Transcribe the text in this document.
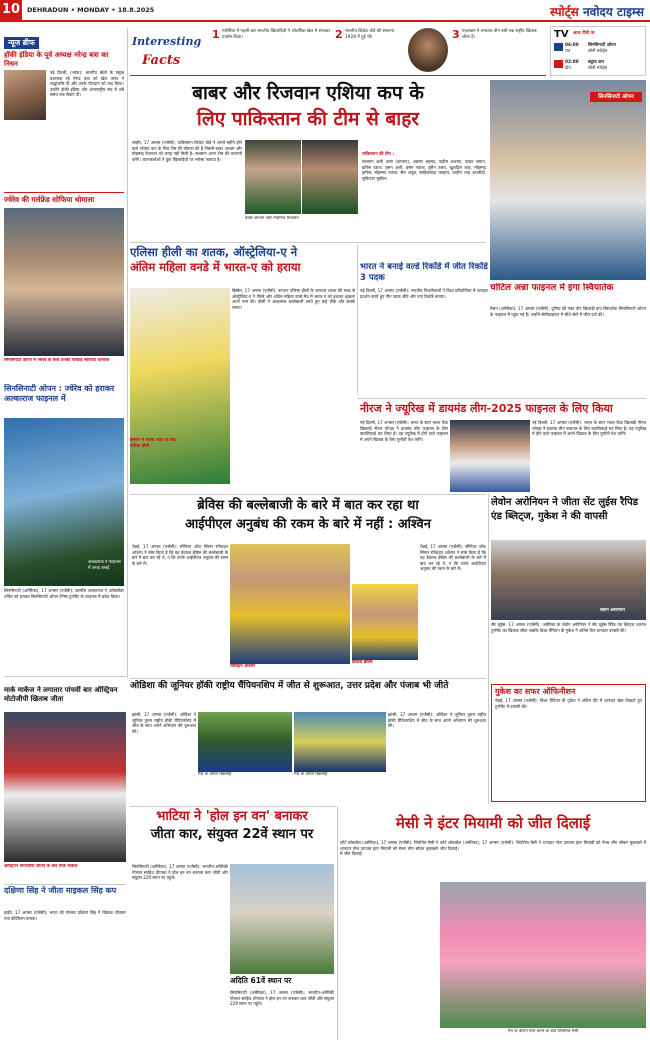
10	DEHRADUN • MONDAY • 18.8.2025	स्पोर्ट्स नवोदय टाइम्स
न्यूज ब्रीफ
हॉकी इंडिया के पूर्व अध्यक्ष नरेन्द्र बत्रा का निधन
नई दिल्ली, (भाषा): भारतीय खेलों के प्रमुख प्रशासक रहे नरेन्द्र बत्रा को खेल जगत ने श्रद्धांजलि दी और उनके योगदान को याद किया। उन्होंने हॉकी इंडिया और अंतरराष्ट्रीय संघ में लंबे समय तक सेवाएं दीं।
ज्वेरेव की गर्लफ्रेंड सोफिया थोमाला
सिनसिनाटी ओपन में ज्वेरेव के साथ उनकी गर्लफ्रेंड सोफिया थोमाला
सिनसिनाटी ओपन : ज्वेरेव को हराकर अल्काराज फाइनल में
अल्काराज ने फाइनल में जगह बनाई
सिनसिनाटी (अमेरिका), 17 अगस्त (एजेंसी): कार्लोस अल्काराज ने अलेक्जेंडर ज्वेरेव को हराकर सिनसिनाटी ओपन टेनिस टूर्नामेंट के फाइनल में प्रवेश किया।
Interesting
Facts
1 मलेशिया में पहली बार भारतीय खिलाड़ियों ने ओलंपिक खेल में शानदार प्रदर्शन किया।	2 भारतीय क्रिकेट बोर्ड की स्थापना 1928 में हुई थी।	3 पहलवान ने लगातार तीन वर्षों तक राष्ट्रीय खिताब जीता है।	TV आज टीवी पर
06:00
रात
सिनसिनाटी ओपन
सोनी स्पोर्ट्स
02:00
दोप.
ड्यूरंड कप
सोनी स्पोर्ट्स
बाबर और रिजवान एशिया कप के
लिए पाकिस्तान की टीम से बाहर
लाहौर, 17 अगस्त (एजेंसी): पाकिस्तान क्रिकेट बोर्ड ने अगले महीने होने वाले एशिया कप के लिए टीम की घोषणा की है जिसमें बाबर आजम और मोहम्मद रिजवान को जगह नहीं मिली है। सलमान आगा टीम की कप्तानी करेंगे। चयनकर्ताओं ने युवा खिलाड़ियों पर भरोसा जताया है।
बाबर आजम और मोहम्मद रिजवान
पाकिस्तान की टीम :
सलमान अली आगा (कप्तान), अबरार अहमद, फहीम अशरफ, फखर जमान, हारिस रऊफ, हसन अली, हसन नवाज, हुसैन तलत, खुशदिल शाह, मोहम्मद हारिस, मोहम्मद नवाज, सैम अयूब, साहिबजादा फरहान, शाहीन शाह अफरीदी, सुफियान मुकीम।
सिनसिनाटी ओपन
चोटिल अन्ना फाइनल में इगा स्वियातेक
मेसन (अमेरिका), 17 अगस्त (एजेंसी): दुनिया की नंबर तीन खिलाड़ी इगा स्वियातेक सिनसिनाटी ओपन के फाइनल में पहुंच गई हैं। उन्होंने सेमीफाइनल में सीधे सेटों में जीत दर्ज की।
एलिसा हीली का शतक, ऑस्ट्रेलिया-ए ने
अंतिम महिला वनडे में भारत-ए को हराया
ब्रिस्बेन में शतक जड़ने के बाद एलिसा हीली
ब्रिस्बेन, 17 अगस्त (एजेंसी): कप्तान एलिसा हीली के शानदार शतक की मदद से ऑस्ट्रेलिया-ए ने तीसरे और अंतिम महिला वनडे मैच में भारत-ए को हराकर श्रृंखला अपने नाम की। हीली ने आक्रामक बल्लेबाजी करते हुए कई चौके और छक्के लगाए।
भारत ने बनाई वर्ल्ड रिकॉर्ड में जीत रिकॉर्ड 3 पदक
नई दिल्ली, 17 अगस्त (एजेंसी): भारतीय निशानेबाजों ने विश्व प्रतियोगिता में शानदार प्रदर्शन करते हुए तीन पदक जीते और नया रिकॉर्ड बनाया।
नीरज ने ज्यूरिख में डायमंड लीग-2025 फाइनल के लिए किया
नई दिल्ली, 17 अगस्त (एजेंसी): भारत के स्टार भाला फेंक खिलाड़ी नीरज चोपड़ा ने डायमंड लीग फाइनल के लिए क्वालिफाई कर लिया है। वह ज्यूरिख में होने वाले फाइनल में अपने खिताब के लिए चुनौती पेश करेंगे।
नई दिल्ली, 17 अगस्त (एजेंसी): भारत के स्टार भाला फेंक खिलाड़ी नीरज चोपड़ा ने डायमंड लीग फाइनल के लिए क्वालिफाई कर लिया है। वह ज्यूरिख में होने वाले फाइनल में अपने खिताब के लिए चुनौती पेश करेंगे।
ब्रेविस की बल्लेबाजी के बारे में बात कर रहा था
आईपीएल अनुबंध की रकम के बारे में नहीं : अश्विन
चेन्नई, 17 अगस्त (एजेंसी): सीनियर ऑफ स्पिनर रविचंद्रन अश्विन ने स्पष्ट किया है कि वह डेवाल्ड ब्रेविस की बल्लेबाजी के बारे में बात कर रहे थे, न कि उनके आईपीएल अनुबंध की रकम के बारे में।
रविचंद्रन अश्विन
डेवाल्ड ब्रेविस
चेन्नई, 17 अगस्त (एजेंसी): सीनियर ऑफ स्पिनर रविचंद्रन अश्विन ने स्पष्ट किया है कि वह डेवाल्ड ब्रेविस की बल्लेबाजी के बारे में बात कर रहे थे, न कि उनके आईपीएल अनुबंध की रकम के बारे में।
लेवोन अरोनियन ने जीता सेंट लुईस रैपिड एंड ब्लिट्ज, गुकेश ने की वापसी
लेवोन अरोनियन
सेंट लुईस, 17 अगस्त (एजेंसी): अमेरिका के लेवोन अरोनियन ने सेंट लुईस रैपिड एंड ब्लिट्ज शतरंज टूर्नामेंट का खिताब जीता जबकि विश्व चैंपियन डी गुकेश ने अंतिम दिन शानदार वापसी की।
गुकेश का सफर ऑफिनीशन
चेन्नई, 17 अगस्त (एजेंसी): विश्व चैंपियन डी गुकेश ने अंतिम दौर में शानदार खेल दिखाते हुए टूर्नामेंट में वापसी की।
ओडिशा की जूनियर हॉकी राष्ट्रीय चैंपियनशिप में जीत से शुरूआत, उत्तर प्रदेश और पंजाब भी जीते
झांसी, 17 अगस्त (एजेंसी): ओडिशा ने जूनियर पुरुष राष्ट्रीय हॉकी चैंपियनशिप में जीत के साथ अपने अभियान की शुरुआत की।
मैच के दौरान खिलाड़ी	मैच के दौरान खिलाड़ी
झांसी, 17 अगस्त (एजेंसी): ओडिशा ने जूनियर पुरुष राष्ट्रीय हॉकी चैंपियनशिप में जीत के साथ अपने अभियान की शुरुआत की।
मार्क मार्केज ने लगातार पांचवीं बार ऑस्ट्रियन मोटोजीपी खिताब जीता
ऑस्ट्रियन मोटोजीपी जीतने के बाद मार्क मार्केज
दक्षिणा सिंह ने जीता माइकल सिंह कप
हाईवे, 17 अगस्त (एजेंसी): भारत की गोल्फर दक्षिणा सिंह ने खिताब जीतकर नया कीर्तिमान बनाया।
भाटिया ने 'होल इन वन' बनाकर
जीता कार, संयुक्त 22वें स्थान पर
सिनसिनाटी (अमेरिका), 17 अगस्त (एजेंसी): भारतीय-अमेरिकी गोल्फर साहिथ थीगाला ने होल इन वन बनाकर कार जीती और संयुक्त 22वें स्थान पर पहुंचे।
अदिति 61वें स्थान पर
सिनसिनाटी (अमेरिका), 17 अगस्त (एजेंसी): भारतीय-अमेरिकी गोल्फर साहिथ थीगाला ने होल इन वन बनाकर कार जीती और संयुक्त 22वें स्थान पर पहुंचे।
मेसी ने इंटर मियामी को जीत दिलाई
फोर्ट लॉडरडेल (अमेरिका), 17 अगस्त (एजेंसी): लियोनेल मेसी ने शानदार गोल दागकर इंटर मियामी को मेजर लीग सॉकर मुकाबले में जीत दिलाई।
फोर्ट लॉडरडेल (अमेरिका), 17 अगस्त (एजेंसी): लियोनेल मेसी ने शानदार गोल दागकर इंटर मियामी को मेजर लीग सॉकर मुकाबले में जीत दिलाई।
मैच के दौरान गोल करने के बाद लियोनेल मेसी
